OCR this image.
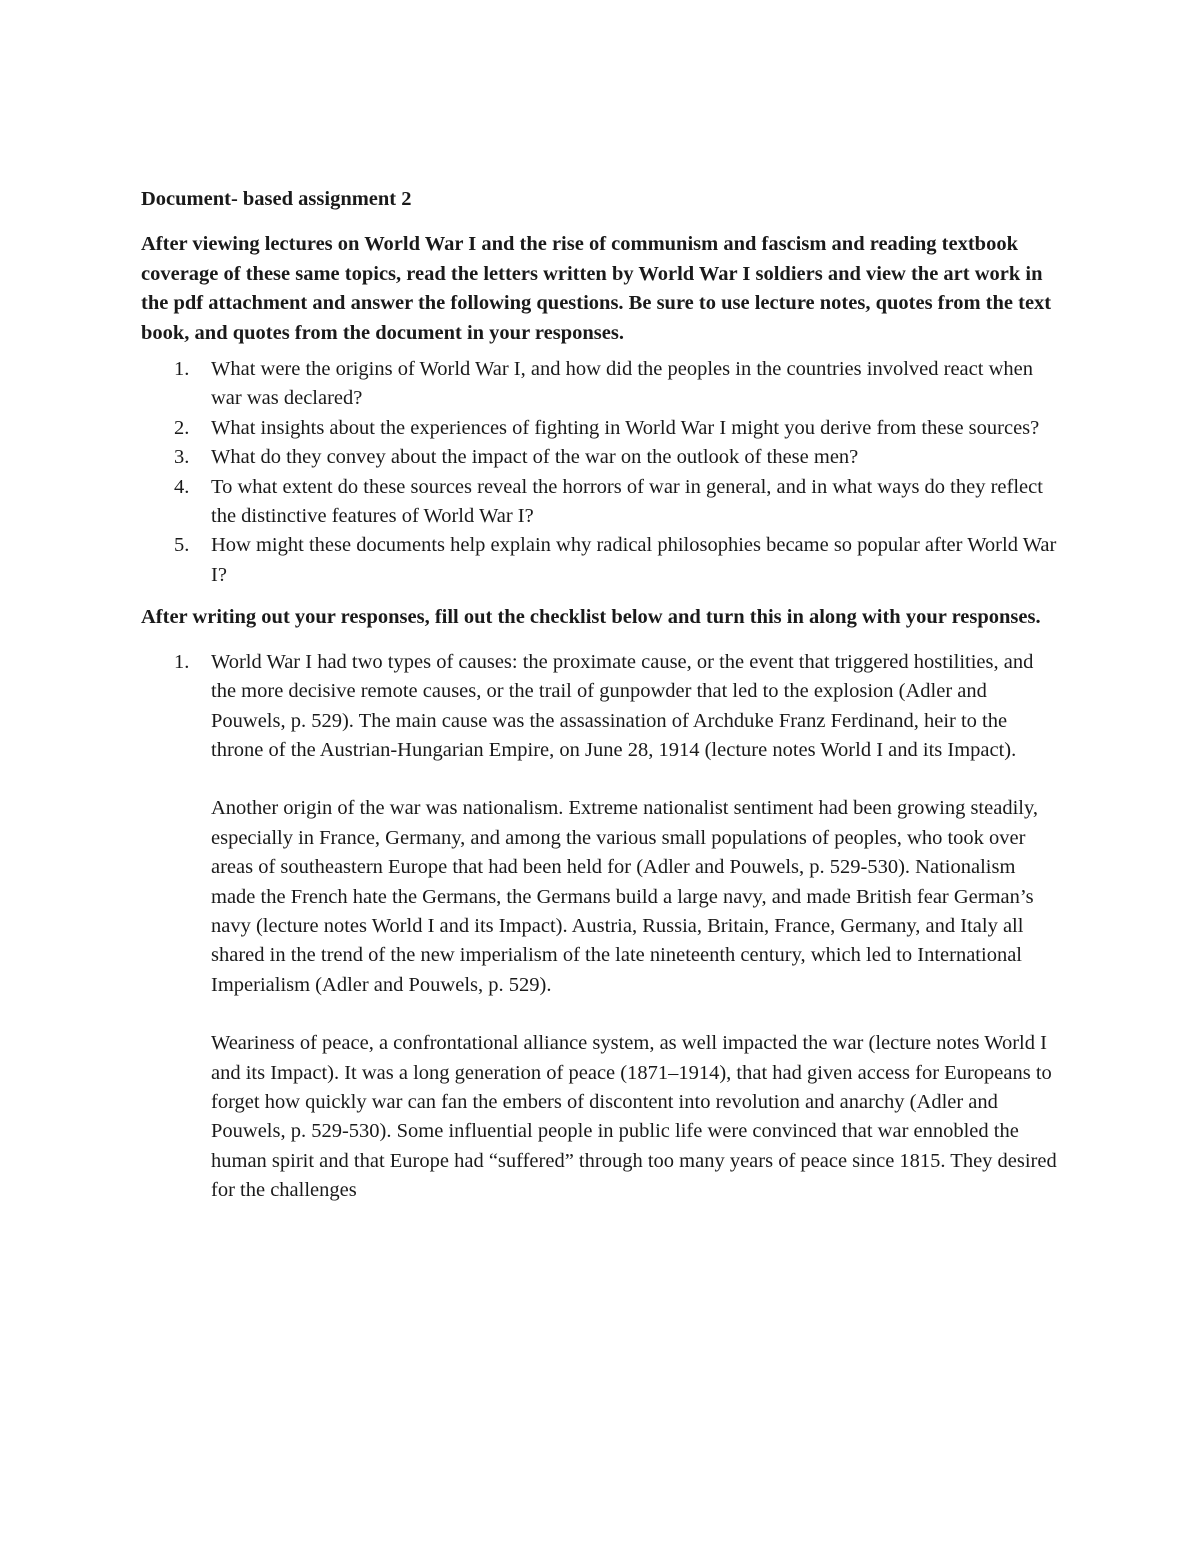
Document- based assignment 2

After viewing lectures on World War I and the rise of communism and fascism and reading textbook coverage of these same topics, read the letters written by World War I soldiers and view the art work in the pdf attachment and answer the following questions. Be sure to use lecture notes, quotes from the text book, and quotes from the document in your responses.

1. What were the origins of World War I, and how did the peoples in the countries involved react when war was declared?
2. What insights about the experiences of fighting in World War I might you derive from these sources?
3. What do they convey about the impact of the war on the outlook of these men?
4. To what extent do these sources reveal the horrors of war in general, and in what ways do they reflect the distinctive features of World War I?
5. How might these documents help explain why radical philosophies became so popular after World War I?

After writing out your responses, fill out the checklist below and turn this in along with your responses.

1. World War I had two types of causes: the proximate cause, or the event that triggered hostilities, and the more decisive remote causes, or the trail of gunpowder that led to the explosion (Adler and Pouwels, p. 529). The main cause was the assassination of Archduke Franz Ferdinand, heir to the throne of the Austrian-Hungarian Empire, on June 28, 1914 (lecture notes World I and its Impact).

Another origin of the war was nationalism. Extreme nationalist sentiment had been growing steadily, especially in France, Germany, and among the various small populations of peoples, who took over areas of southeastern Europe that had been held for (Adler and Pouwels, p. 529-530). Nationalism made the French hate the Germans, the Germans build a large navy, and made British fear German’s navy (lecture notes World I and its Impact). Austria, Russia, Britain, France, Germany, and Italy all shared in the trend of the new imperialism of the late nineteenth century, which led to International Imperialism (Adler and Pouwels, p. 529).

Weariness of peace, a confrontational alliance system, as well impacted the war (lecture notes World I and its Impact). It was a long generation of peace (1871–1914), that had given access for Europeans to forget how quickly war can fan the embers of discontent into revolution and anarchy (Adler and Pouwels, p. 529-530). Some influential people in public life were convinced that war ennobled the human spirit and that Europe had “suffered” through too many years of peace since 1815. They desired for the challenges
